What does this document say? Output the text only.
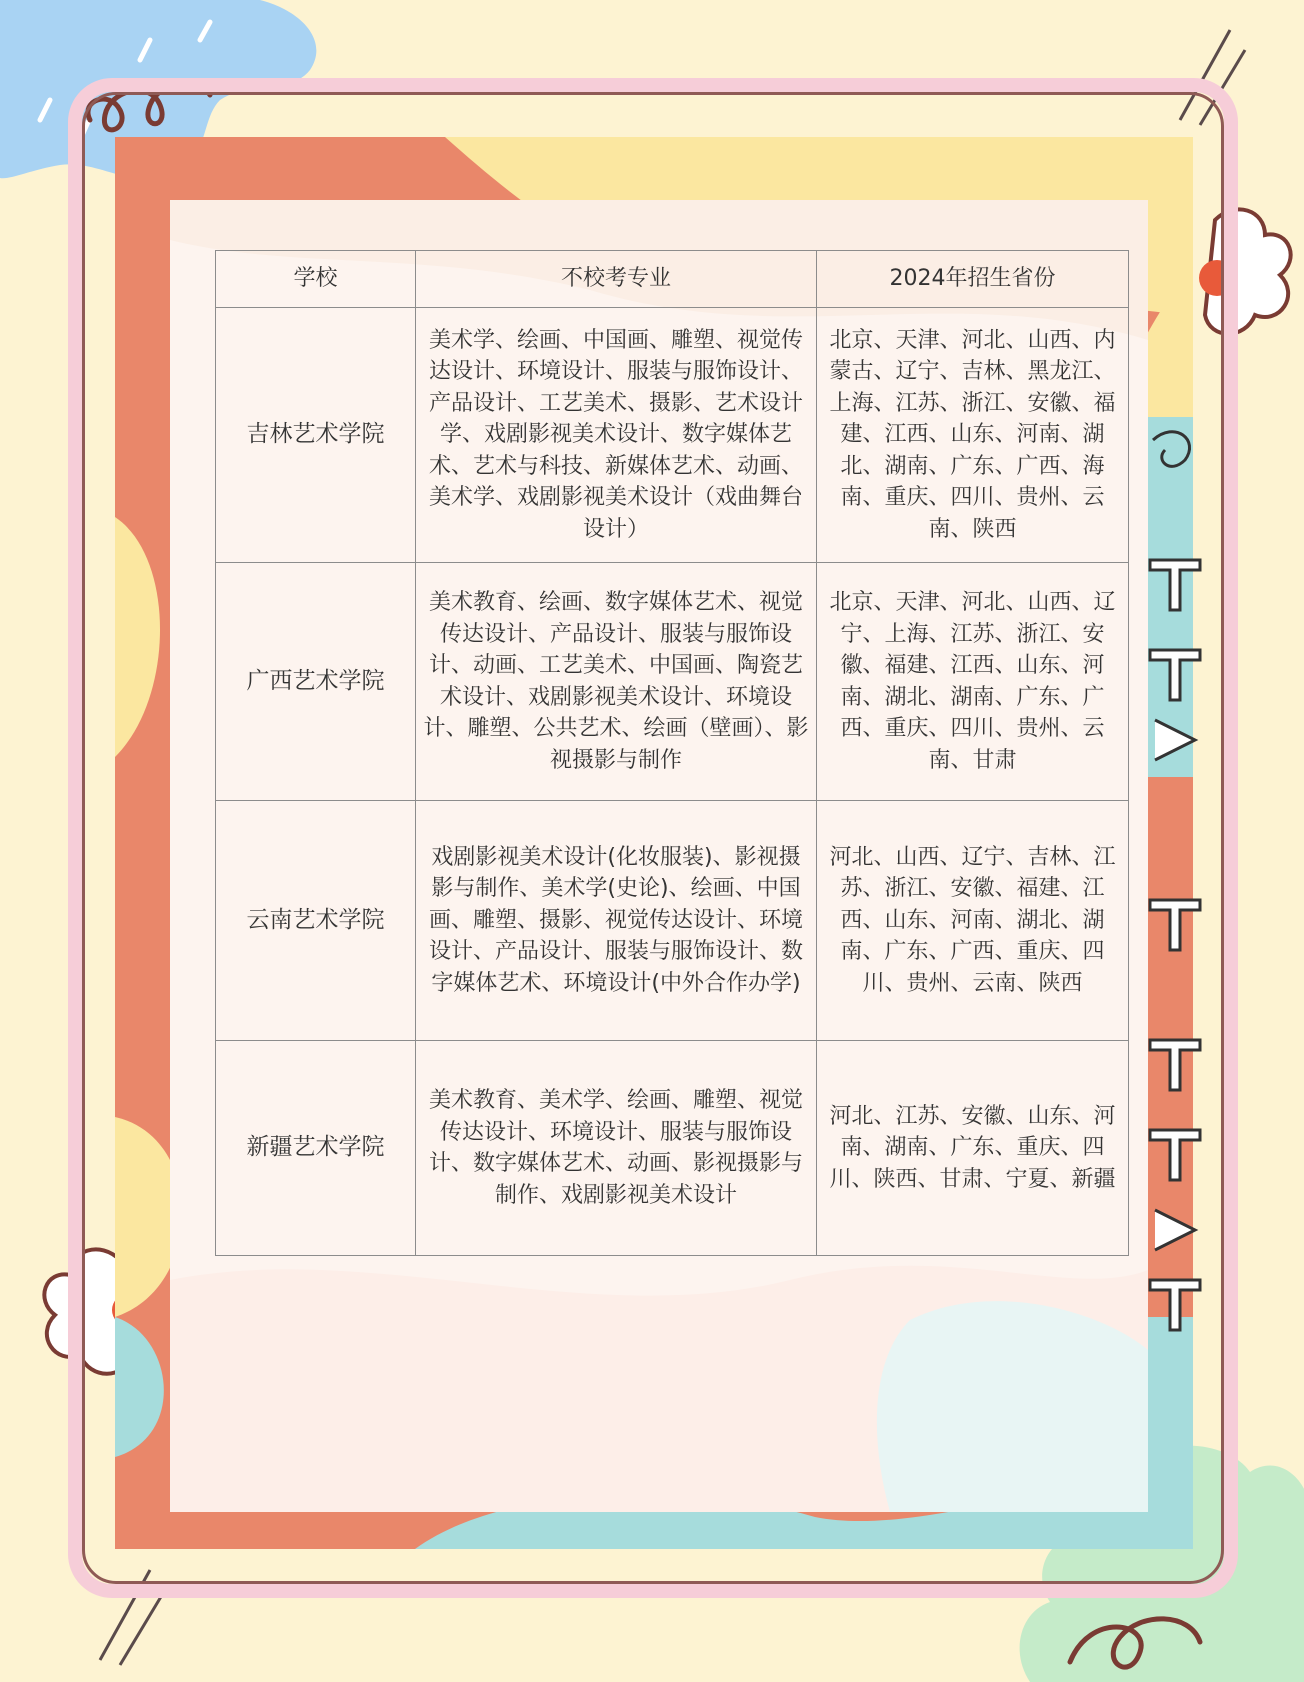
学校	不校考专业	2024年招生省份
吉林艺术学院	美术学、绘画、中国画、雕塑、视觉传达设计、环境设计、服装与服饰设计、产品设计、工艺美术、摄影、艺术设计学、戏剧影视美术设计、数字媒体艺术、艺术与科技、新媒体艺术、动画、美术学、戏剧影视美术设计（戏曲舞台设计）	北京、天津、河北、山西、内蒙古、辽宁、吉林、黑龙江、上海、江苏、浙江、安徽、福建、江西、山东、河南、湖北、湖南、广东、广西、海南、重庆、四川、贵州、云南、陕西
广西艺术学院	美术教育、绘画、数字媒体艺术、视觉传达设计、产品设计、服装与服饰设计、动画、工艺美术、中国画、陶瓷艺术设计、戏剧影视美术设计、环境设计、雕塑、公共艺术、绘画（壁画）、影视摄影与制作	北京、天津、河北、山西、辽宁、上海、江苏、浙江、安徽、福建、江西、山东、河南、湖北、湖南、广东、广西、重庆、四川、贵州、云南、甘肃
云南艺术学院	戏剧影视美术设计(化妆服装)、影视摄影与制作、美术学(史论)、绘画、中国画、雕塑、摄影、视觉传达设计、环境设计、产品设计、服装与服饰设计、数字媒体艺术、环境设计(中外合作办学)	河北、山西、辽宁、吉林、江苏、浙江、安徽、福建、江西、山东、河南、湖北、湖南、广东、广西、重庆、四川、贵州、云南、陕西
新疆艺术学院	美术教育、美术学、绘画、雕塑、视觉传达设计、环境设计、服装与服饰设计、数字媒体艺术、动画、影视摄影与制作、戏剧影视美术设计	河北、江苏、安徽、山东、河南、湖南、广东、重庆、四川、陕西、甘肃、宁夏、新疆
